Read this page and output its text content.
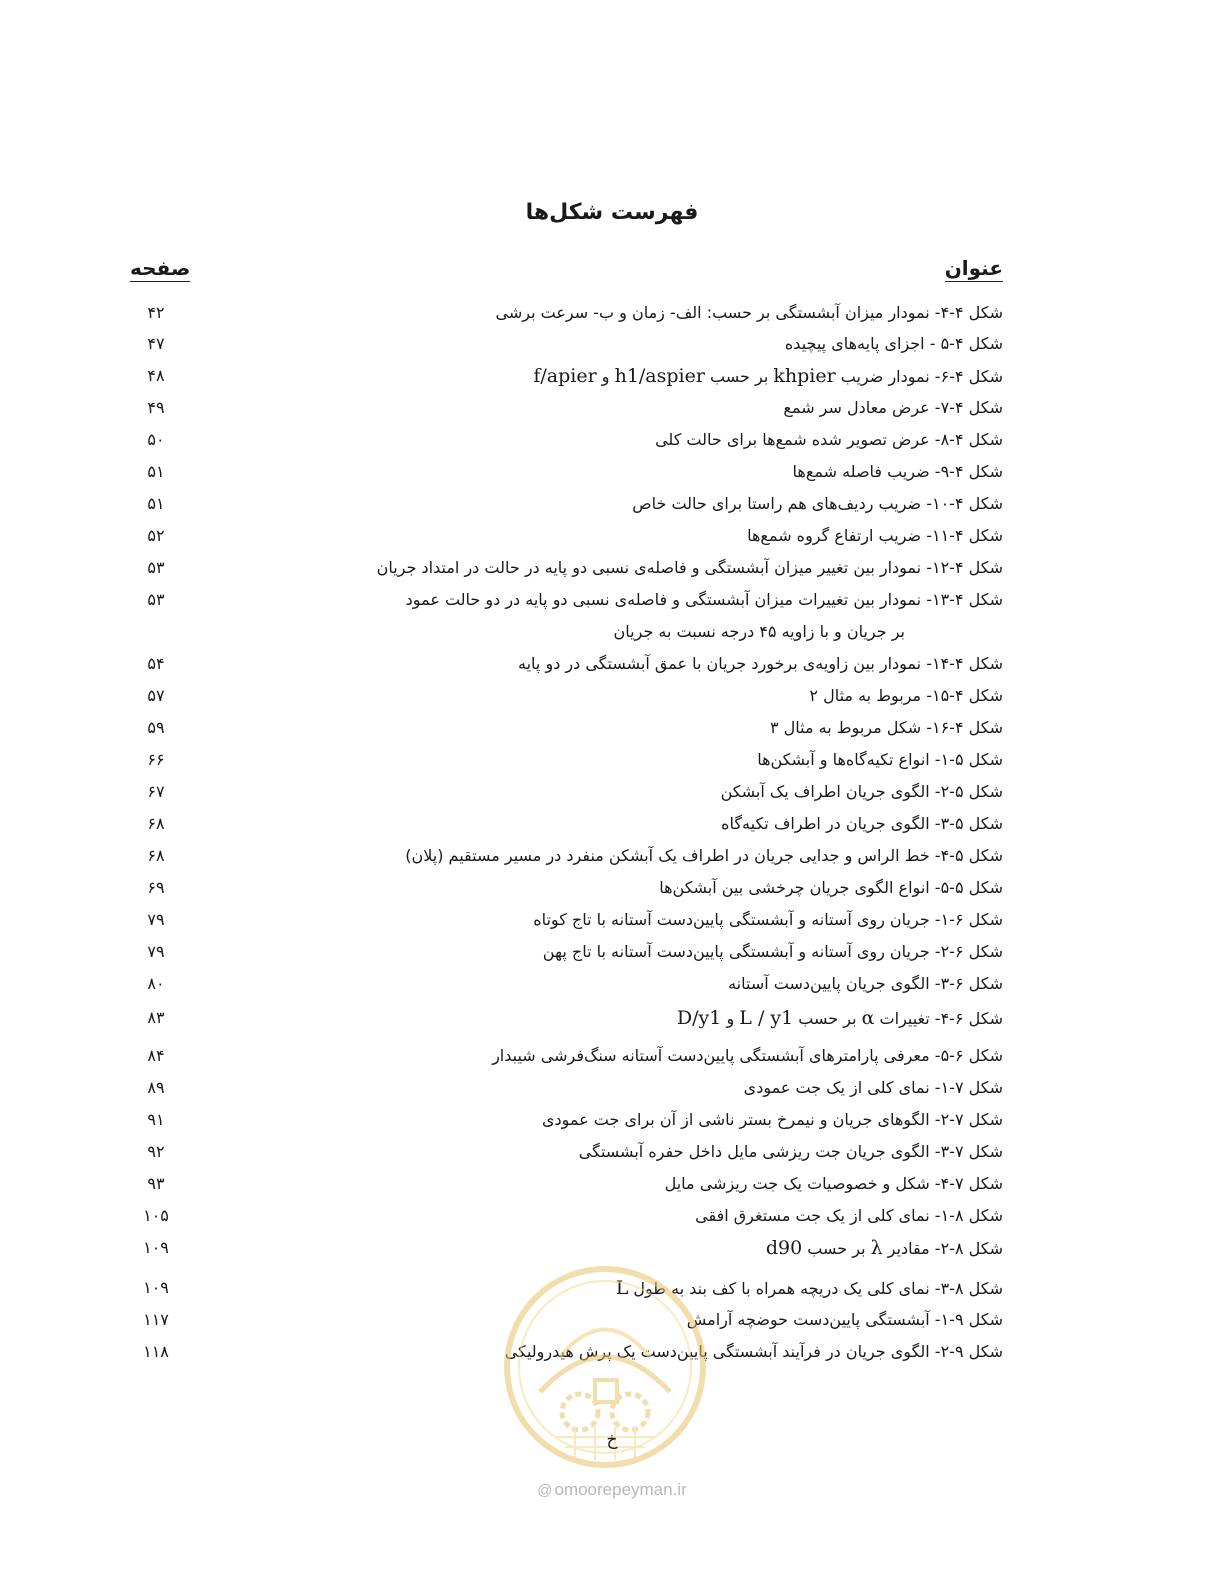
فهرست شکل‌ها
عنوان
صفحه
شکل ۴-۴- نمودار میزان آبشستگی بر حسب: الف- زمان و ب- سرعت برشی
۴۲
شکل ۴-۵ - اجزای پایه‌های پیچیده
۴۷
شکل ۴-۶- نمودار ضریب khpier بر حسب h1/aspier و f/apier
۴۸
شکل ۴-۷- عرض معادل سر شمع
۴۹
شکل ۴-۸- عرض تصویر شده شمع‌ها برای حالت کلی
۵۰
شکل ۴-۹- ضریب فاصله شمع‌ها
۵۱
شکل ۴-۱۰- ضریب ردیف‌های هم راستا برای حالت خاص
۵۱
شکل ۴-۱۱- ضریب ارتفاع گروه شمع‌ها
۵۲
شکل ۴-۱۲- نمودار بین تغییر میزان آبشستگی و فاصله‌ی نسبی دو پایه در حالت در امتداد جریان
۵۳
شکل ۴-۱۳- نمودار بین تغییرات میزان آبشستگی و فاصله‌ی نسبی دو پایه در دو حالت عمود
بر جریان و با زاویه ۴۵ درجه نسبت به جریان
۵۳
شکل ۴-۱۴- نمودار بین زاویه‌ی برخورد جریان با عمق آبشستگی در دو پایه
۵۴
شکل ۴-۱۵- مربوط به مثال ۲
۵۷
شکل ۴-۱۶- شکل مربوط به مثال ۳
۵۹
شکل ۵-۱- انواع تکیه‌گاه‌ها و آبشکن‌ها
۶۶
شکل ۵-۲- الگوی جریان اطراف یک آبشکن
۶۷
شکل ۵-۳- الگوی جریان در اطراف تکیه‌گاه
۶۸
شکل ۵-۴- خط الراس و جدایی جریان در اطراف یک آبشکن منفرد در مسیر مستقیم (پلان)
۶۸
شکل ۵-۵- انواع الگوی جریان چرخشی بین آبشکن‌ها
۶۹
شکل ۶-۱- جریان روی آستانه و آبشستگی پایین‌دست آستانه با تاج کوتاه
۷۹
شکل ۶-۲- جریان روی آستانه و آبشستگی پایین‌دست آستانه با تاج پهن
۷۹
شکل ۶-۳- الگوی جریان پایین‌دست آستانه
۸۰
شکل ۶-۴- تغییرات α بر حسب L / y1 و D/y1
۸۳
شکل ۶-۵- معرفی پارامترهای آبشستگی پایین‌دست آستانه سنگ‌فرشی شیبدار
۸۴
شکل ۷-۱- نمای کلی از یک جت عمودی
۸۹
شکل ۷-۲- الگوهای جریان و نیمرخ بستر ناشی از آن برای جت عمودی
۹۱
شکل ۷-۳- الگوی جریان جت ریزشی مایل داخل حفره آبشستگی
۹۲
شکل ۷-۴- شکل و خصوصیات یک جت ریزشی مایل
۹۳
شکل ۸-۱- نمای کلی از یک جت مستغرق افقی
۱۰۵
شکل ۸-۲- مقادیر λ بر حسب d90
۱۰۹
شکل ۸-۳- نمای کلی یک دریچه همراه با کف بند به طول L
۱۰۹
شکل ۹-۱- آبشستگی پایین‌دست حوضچه آرامش
۱۱۷
شکل ۹-۲- الگوی جریان در فرآیند آبشستگی پایین‌دست یک پرش هیدرولیکی
۱۱۸
خ
@ omoorepeyman.ir
